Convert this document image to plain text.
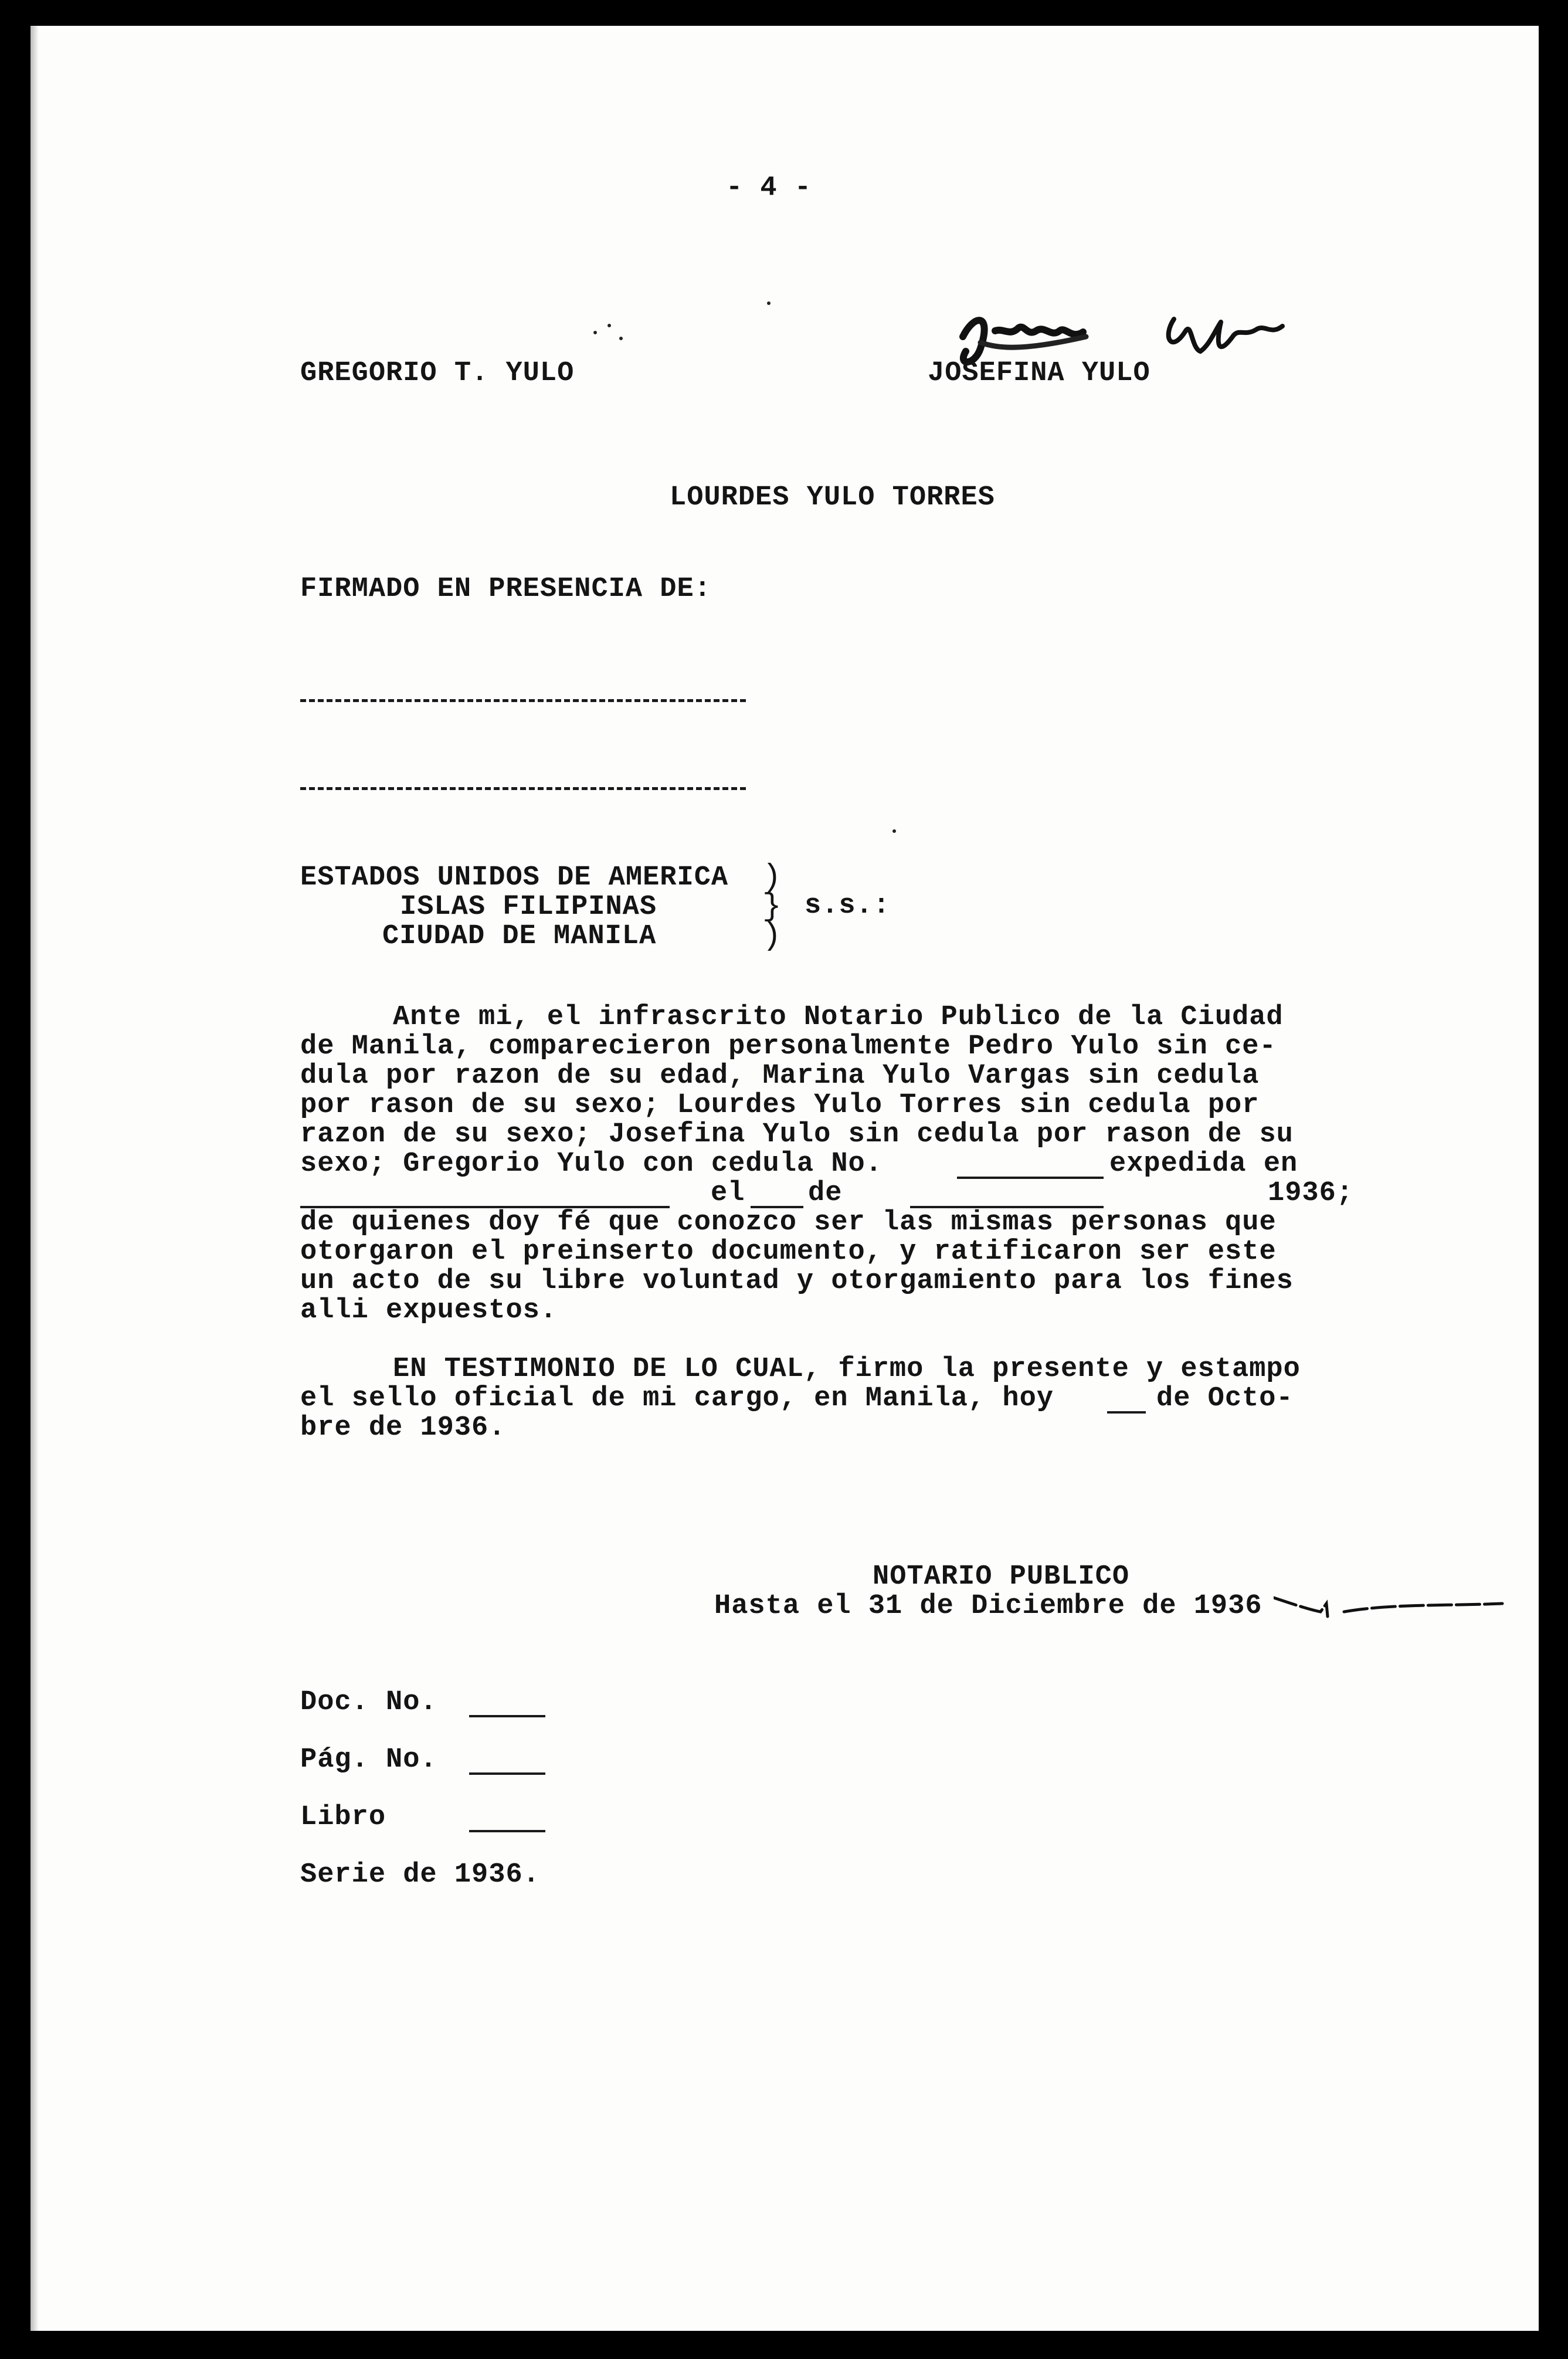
- 4 -
GREGORIO T. YULO	JOSEFINA YULO
LOURDES YULO TORRES
FIRMADO EN PRESENCIA DE:
ESTADOS UNIDOS DE AMERICA
ISLAS FILIPINAS
CIUDAD DE MANILA
)
}
)
s.s.:
Ante mi, el infrascrito Notario Publico de la Ciudad
de Manila, comparecieron personalmente Pedro Yulo sin ce-
dula por razon de su edad, Marina Yulo Vargas sin cedula
por rason de su sexo; Lourdes Yulo Torres sin cedula por
razon de su sexo; Josefina Yulo sin cedula por rason de su
sexo; Gregorio Yulo con cedula No.	expedida en
el de	1936;
de quienes doy fé que conozco ser las mismas personas que
otorgaron el preinserto documento, y ratificaron ser este
un acto de su libre voluntad y otorgamiento para los fines
alli expuestos.
EN TESTIMONIO DE LO CUAL, firmo la presente y estampo
el sello oficial de mi cargo, en Manila, hoy	de Octo-
bre de 1936.
NOTARIO PUBLICO
Hasta el 31 de Diciembre de 1936
Doc. No.
Pág. No.
Libro
Serie de 1936.
